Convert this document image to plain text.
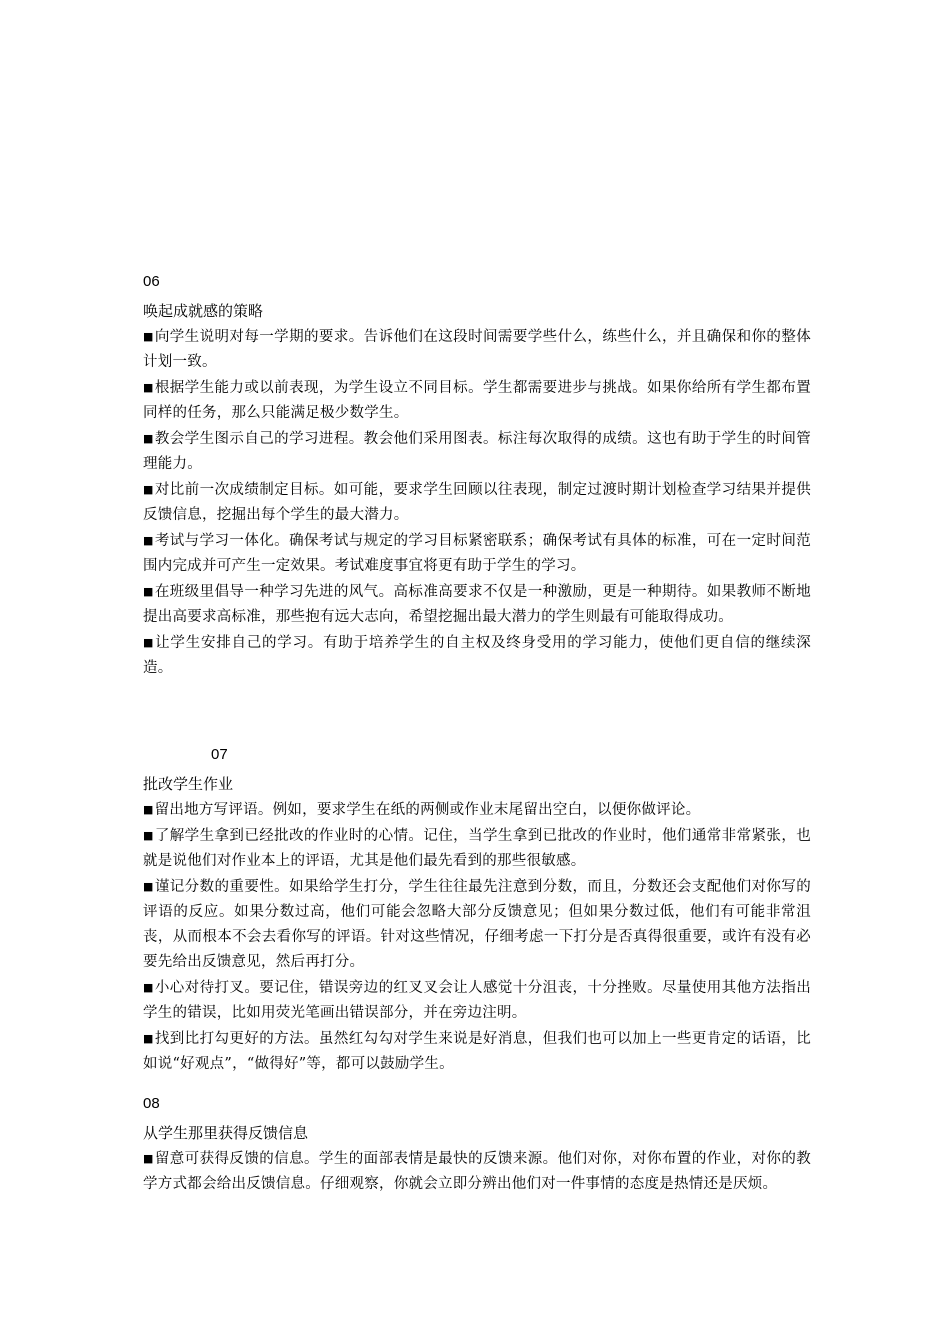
06
唤起成就感的策略

■向学生说明对每一学期的要求。告诉他们在这段时间需要学些什么，练些什么，并且确保和你的整体计划一致。

■根据学生能力或以前表现，为学生设立不同目标。学生都需要进步与挑战。如果你给所有学生都布置同样的任务，那么只能满足极少数学生。

■教会学生图示自己的学习进程。教会他们采用图表。标注每次取得的成绩。这也有助于学生的时间管理能力。

■对比前一次成绩制定目标。如可能，要求学生回顾以往表现，制定过渡时期计划检查学习结果并提供反馈信息，挖掘出每个学生的最大潜力。

■考试与学习一体化。确保考试与规定的学习目标紧密联系；确保考试有具体的标准，可在一定时间范围内完成并可产生一定效果。考试难度事宜将更有助于学生的学习。

■在班级里倡导一种学习先进的风气。高标准高要求不仅是一种激励，更是一种期待。如果教师不断地提出高要求高标准，那些抱有远大志向，希望挖掘出最大潜力的学生则最有可能取得成功。

■让学生安排自己的学习。有助于培养学生的自主权及终身受用的学习能力，使他们更自信的继续深造。

07
批改学生作业

■留出地方写评语。例如，要求学生在纸的两侧或作业末尾留出空白，以便你做评论。

■了解学生拿到已经批改的作业时的心情。记住，当学生拿到已批改的作业时，他们通常非常紧张，也就是说他们对作业本上的评语，尤其是他们最先看到的那些很敏感。

■谨记分数的重要性。如果给学生打分，学生往往最先注意到分数，而且，分数还会支配他们对你写的评语的反应。如果分数过高，他们可能会忽略大部分反馈意见；但如果分数过低，他们有可能非常沮丧，从而根本不会去看你写的评语。针对这些情况，仔细考虑一下打分是否真得很重要，或许有没有必要先给出反馈意见，然后再打分。

■小心对待打叉。要记住，错误旁边的红叉叉会让人感觉十分沮丧，十分挫败。尽量使用其他方法指出学生的错误，比如用荧光笔画出错误部分，并在旁边注明。

■找到比打勾更好的方法。虽然红勾勾对学生来说是好消息，但我们也可以加上一些更肯定的话语，比如说“好观点”，“做得好”等，都可以鼓励学生。

08
从学生那里获得反馈信息

■留意可获得反馈的信息。学生的面部表情是最快的反馈来源。他们对你，对你布置的作业，对你的教学方式都会给出反馈信息。仔细观察，你就会立即分辨出他们对一件事情的态度是热情还是厌烦。
